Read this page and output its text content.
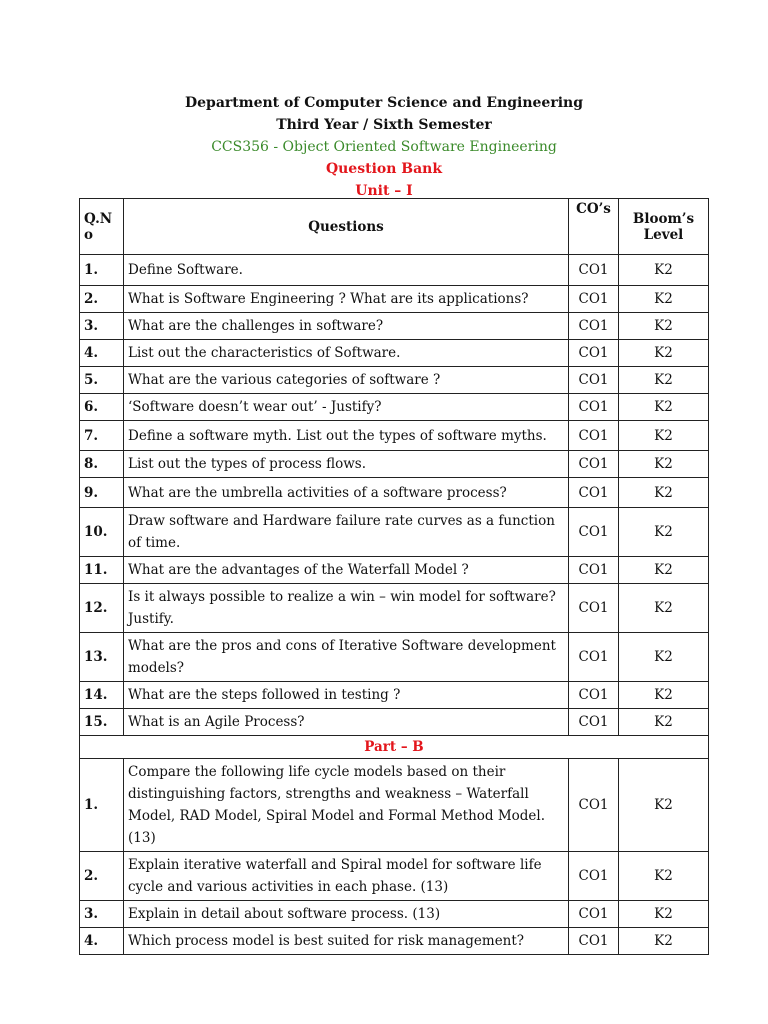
Department of Computer Science and Engineering
Third Year / Sixth Semester
CCS356 - Object Oriented Software Engineering
Question Bank
Unit – I
Q.N o	Questions	CO’s	Bloom’s Level
1.	Define Software.	CO1	K2
2.	What is Software Engineering ? What are its applications?	CO1	K2
3.	What are the challenges in software?	CO1	K2
4.	List out the characteristics of Software.	CO1	K2
5.	What are the various categories of software ?	CO1	K2
6.	‘Software doesn’t wear out’ - Justify?	CO1	K2
7.	Define a software myth. List out the types of software myths.	CO1	K2
8.	List out the types of process flows.	CO1	K2
9.	What are the umbrella activities of a software process?	CO1	K2
10.	Draw software and Hardware failure rate curves as a function of time.	CO1	K2
11.	What are the advantages of the Waterfall Model ?	CO1	K2
12.	Is it always possible to realize a win – win model for software? Justify.	CO1	K2
13.	What are the pros and cons of Iterative Software development models?	CO1	K2
14.	What are the steps followed in testing ?	CO1	K2
15.	What is an Agile Process?	CO1	K2
Part – B			
1.	Compare the following life cycle models based on their distinguishing factors, strengths and weakness – Waterfall Model, RAD Model, Spiral Model and Formal Method Model. (13)	CO1	K2
2.	Explain iterative waterfall and Spiral model for software life cycle and various activities in each phase. (13)	CO1	K2
3.	Explain in detail about software process. (13)	CO1	K2
4.	Which process model is best suited for risk management?	CO1	K2
